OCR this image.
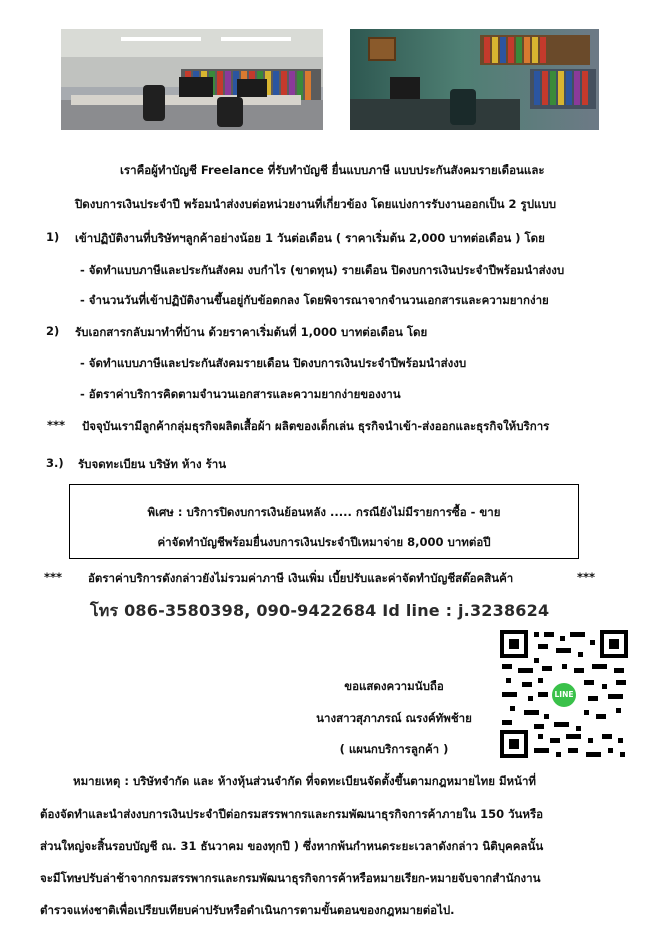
เราคือผู้ทำบัญชี Freelance ที่รับทำบัญชี ยื่นแบบภาษี แบบประกันสังคมรายเดือนและ
ปิดงบการเงินประจำปี พร้อมนำส่งงบต่อหน่วยงานที่เกี่ยวข้อง โดยแบ่งการรับงานออกเป็น 2 รูปแบบ
1) เข้าปฏิบัติงานที่บริษัทฯลูกค้าอย่างน้อย 1 วันต่อเดือน ( ราคาเริ่มต้น 2,000 บาทต่อเดือน ) โดย
- จัดทำแบบภาษีและประกันสังคม งบกำไร (ขาดทุน) รายเดือน ปิดงบการเงินประจำปีพร้อมนำส่งงบ
- จำนวนวันที่เข้าปฏิบัติงานขึ้นอยู่กับข้อตกลง โดยพิจารณาจากจำนวนเอกสารและความยากง่าย
2) รับเอกสารกลับมาทำที่บ้าน ด้วยราคาเริ่มต้นที่ 1,000 บาทต่อเดือน โดย
- จัดทำแบบภาษีและประกันสังคมรายเดือน ปิดงบการเงินประจำปีพร้อมนำส่งงบ
- อัตราค่าบริการคิดตามจำนวนเอกสารและความยากง่ายของงาน
*** ปัจจุบันเรามีลูกค้ากลุ่มธุรกิจผลิตเสื้อผ้า ผลิตของเด็กเล่น ธุรกิจนำเข้า-ส่งออกและธุรกิจให้บริการ
3.) รับจดทะเบียน บริษัท ห้าง ร้าน
พิเศษ : บริการปิดงบการเงินย้อนหลัง ..... กรณียังไม่มีรายการซื้อ - ขาย
ค่าจัดทำบัญชีพร้อมยื่นงบการเงินประจำปีเหมาจ่าย 8,000 บาทต่อปี
*** อัตราค่าบริการดังกล่าวยังไม่รวมค่าภาษี เงินเพิ่ม เบี้ยปรับและค่าจัดทำบัญชีสต๊อคสินค้า	***
โทร 086-3580398, 090-9422684 Id line : j.3238624
LINE
ขอแสดงความนับถือ
นางสาวสุภาภรณ์ ณรงค์ทัพช้าย
( แผนกบริการลูกค้า )
หมายเหตุ : บริษัทจำกัด และ ห้างหุ้นส่วนจำกัด ที่จดทะเบียนจัดตั้งขึ้นตามกฎหมายไทย มีหน้าที่
ต้องจัดทำและนำส่งงบการเงินประจำปีต่อกรมสรรพากรและกรมพัฒนาธุรกิจการค้าภายใน 150 วันหรือ
ส่วนใหญ่จะสิ้นรอบบัญชี ณ. 31 ธันวาคม ของทุกปี ) ซึ่งหากพ้นกำหนดระยะเวลาดังกล่าว นิติบุคคลนั้น
จะมีโทษปรับล่าช้าจากกรมสรรพากรและกรมพัฒนาธุรกิจการค้าหรือหมายเรียก-หมายจับจากสำนักงาน
ตำรวจแห่งชาติเพื่อเปรียบเทียบค่าปรับหรือดำเนินการตามขั้นตอนของกฎหมายต่อไป.
